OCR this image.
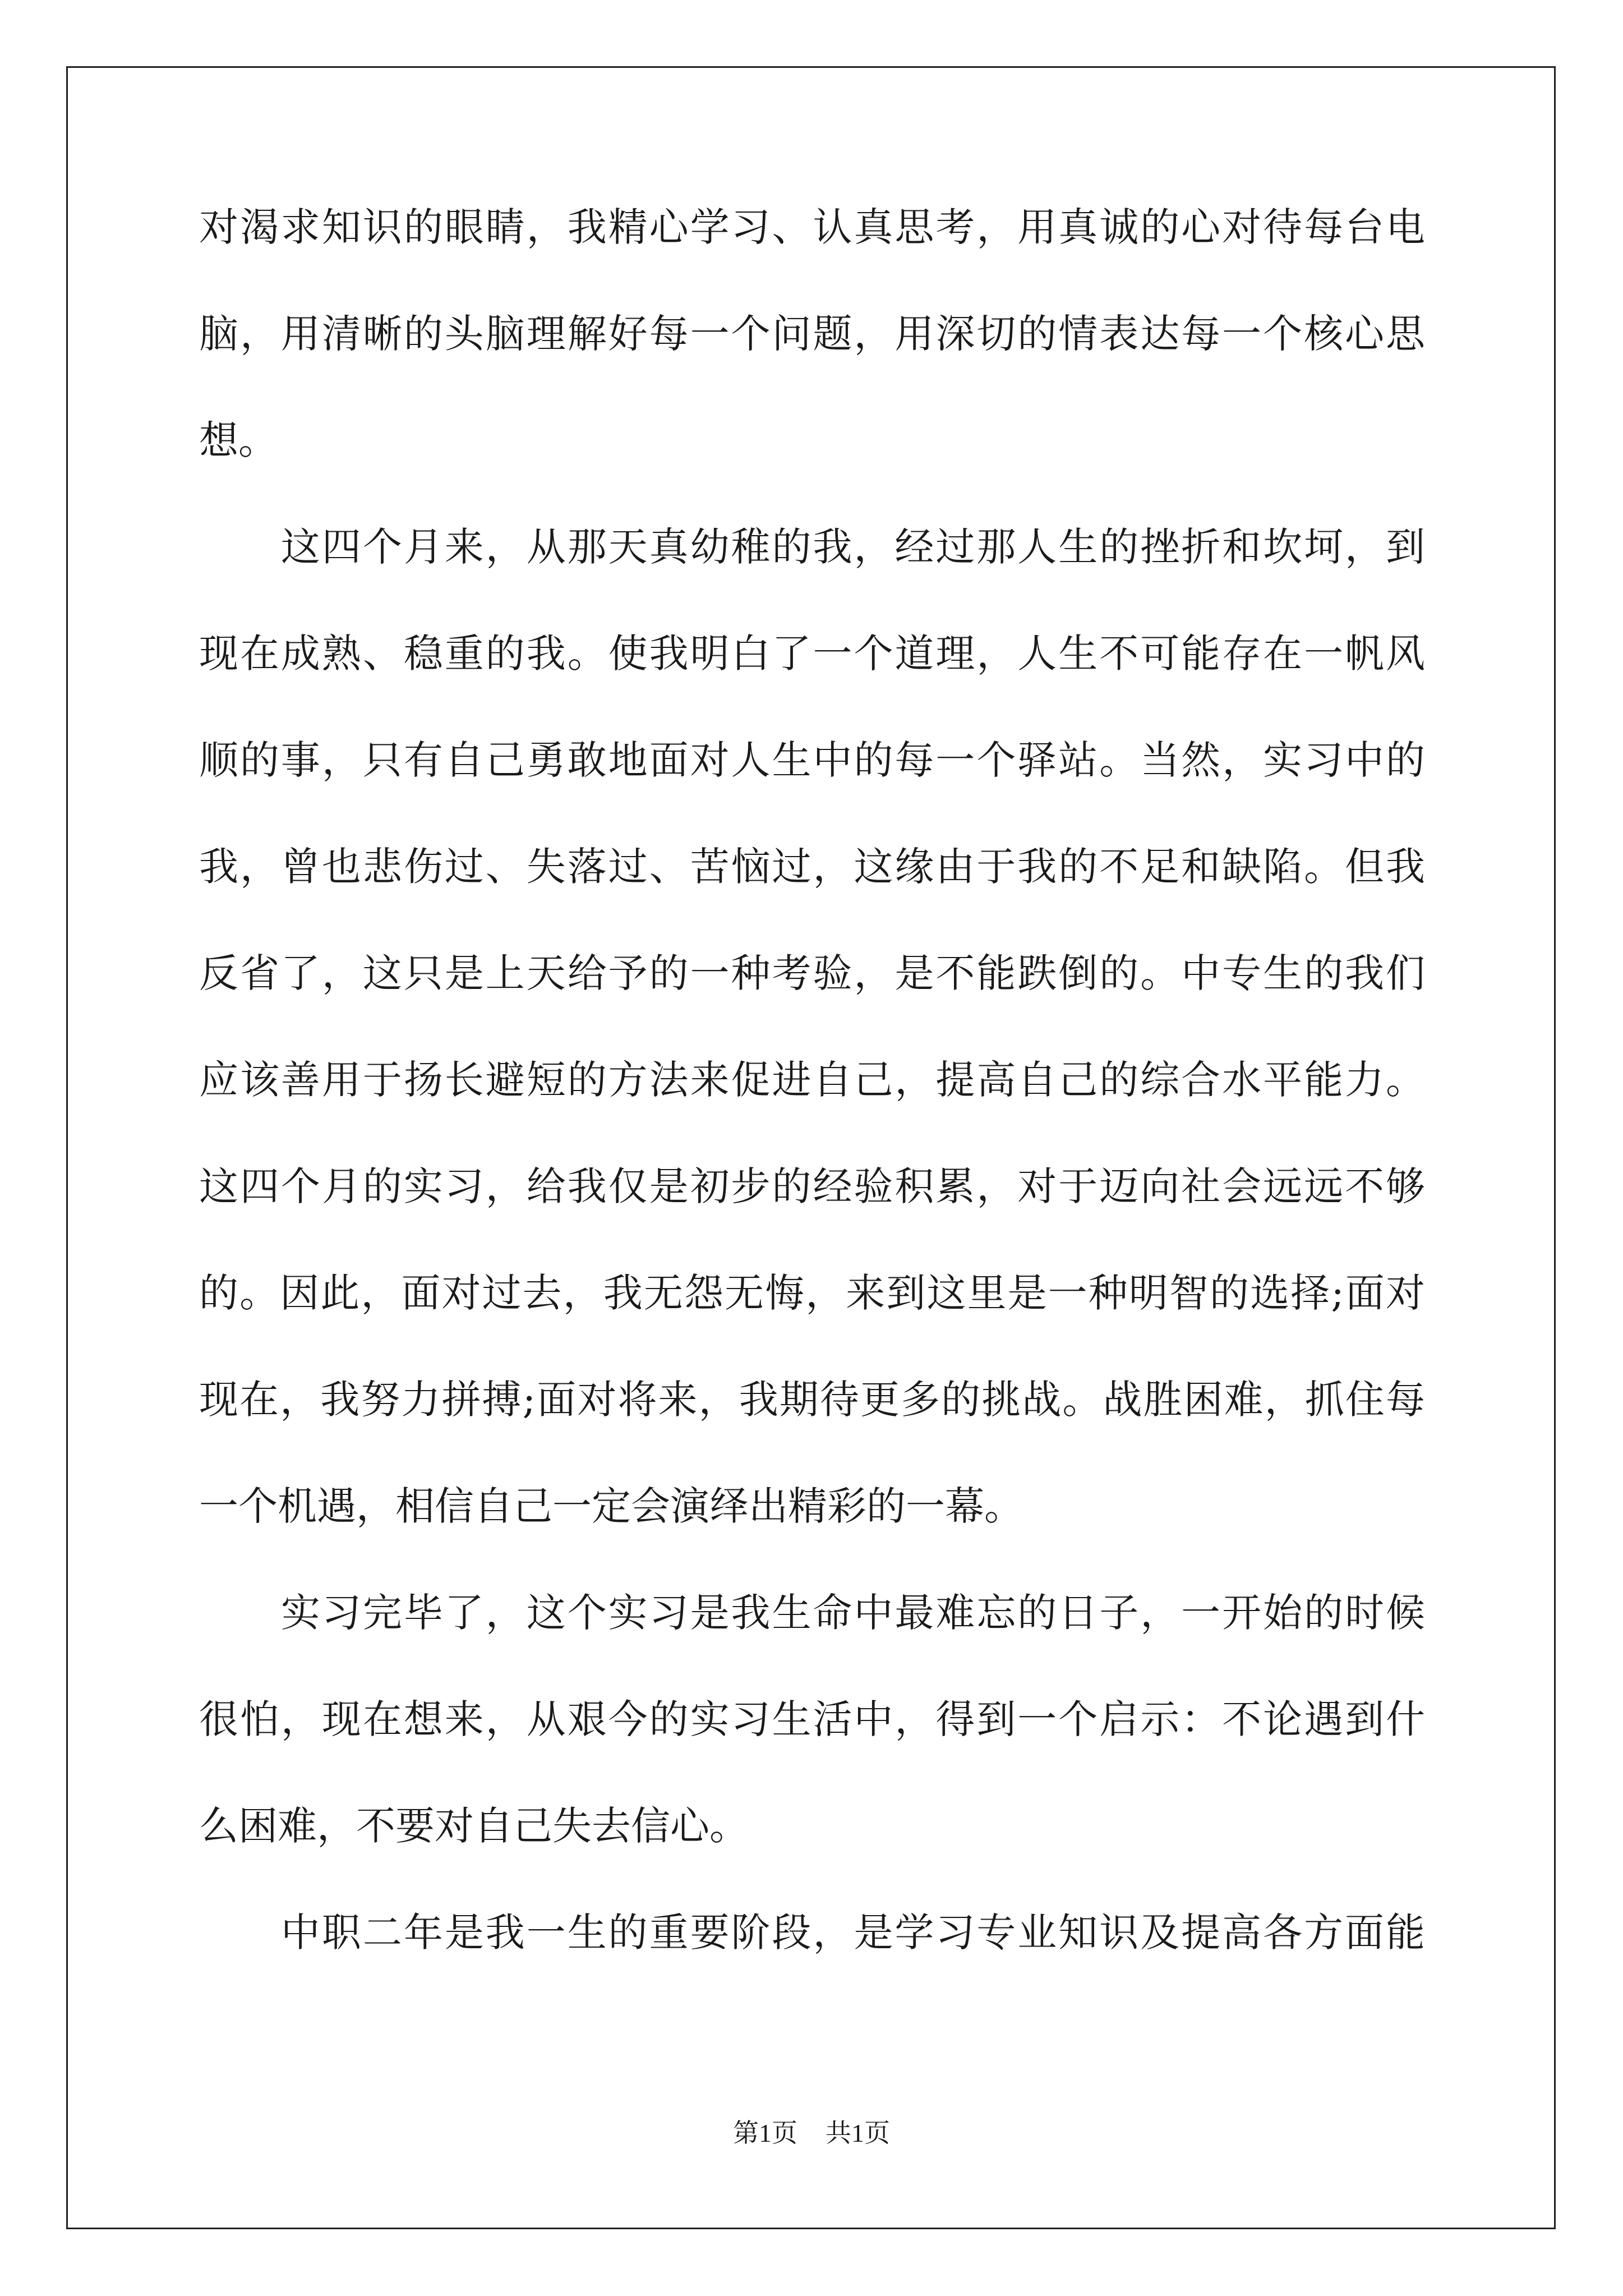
对渴求知识的眼睛，我精心学习、认真思考，用真诚的心对待每台电
脑，用清晰的头脑理解好每一个问题，用深切的情表达每一个核心思
想。
　　这四个月来，从那天真幼稚的我，经过那人生的挫折和坎坷，到
现在成熟、稳重的我。使我明白了一个道理，人生不可能存在一帆风
顺的事，只有自己勇敢地面对人生中的每一个驿站。当然，实习中的
我，曾也悲伤过、失落过、苦恼过，这缘由于我的不足和缺陷。但我
反省了，这只是上天给予的一种考验，是不能跌倒的。中专生的我们
应该善用于扬长避短的方法来促进自己，提高自己的综合水平能力。
这四个月的实习，给我仅是初步的经验积累，对于迈向社会远远不够
的。因此，面对过去，我无怨无悔，来到这里是一种明智的选择;面对
现在，我努力拼搏;面对将来，我期待更多的挑战。战胜困难，抓住每
一个机遇，相信自己一定会演绎出精彩的一幕。
　　实习完毕了，这个实习是我生命中最难忘的日子，一开始的时候
很怕，现在想来，从艰今的实习生活中，得到一个启示：不论遇到什
么困难，不要对自己失去信心。
　　中职二年是我一生的重要阶段，是学习专业知识及提高各方面能
第1页 共1页
